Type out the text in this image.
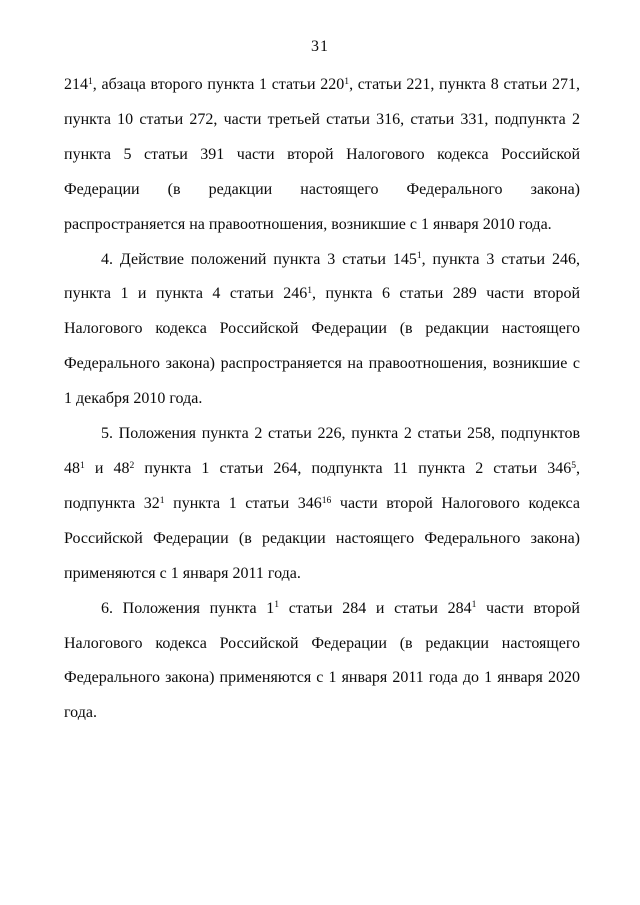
31

$214^1$, абзаца второго пункта 1 статьи $220^1$, статьи 221, пункта 8 статьи 271, пункта 10 статьи 272, части третьей статьи 316, статьи 331, подпункта 2 пункта 5 статьи 391 части второй Налогового кодекса Российской Федерации (в редакции настоящего Федерального закона) распространяется на правоотношения, возникшие с 1 января 2010 года.

4. Действие положений пункта 3 статьи $145^1$, пункта 3 статьи 246, пункта 1 и пункта 4 статьи $246^1$, пункта 6 статьи 289 части второй Налогового кодекса Российской Федерации (в редакции настоящего Федерального закона) распространяется на правоотношения, возникшие с 1 декабря 2010 года.

5. Положения пункта 2 статьи 226, пункта 2 статьи 258, подпунктов $48^1$ и $48^2$ пункта 1 статьи 264, подпункта 11 пункта 2 статьи $346^5$, подпункта $32^1$ пункта 1 статьи $346^{16}$ части второй Налогового кодекса Российской Федерации (в редакции настоящего Федерального закона) применяются с 1 января 2011 года.

6. Положения пункта $1^1$ статьи 284 и статьи $284^1$ части второй Налогового кодекса Российской Федерации (в редакции настоящего Федерального закона) применяются с 1 января 2011 года до 1 января 2020 года.
